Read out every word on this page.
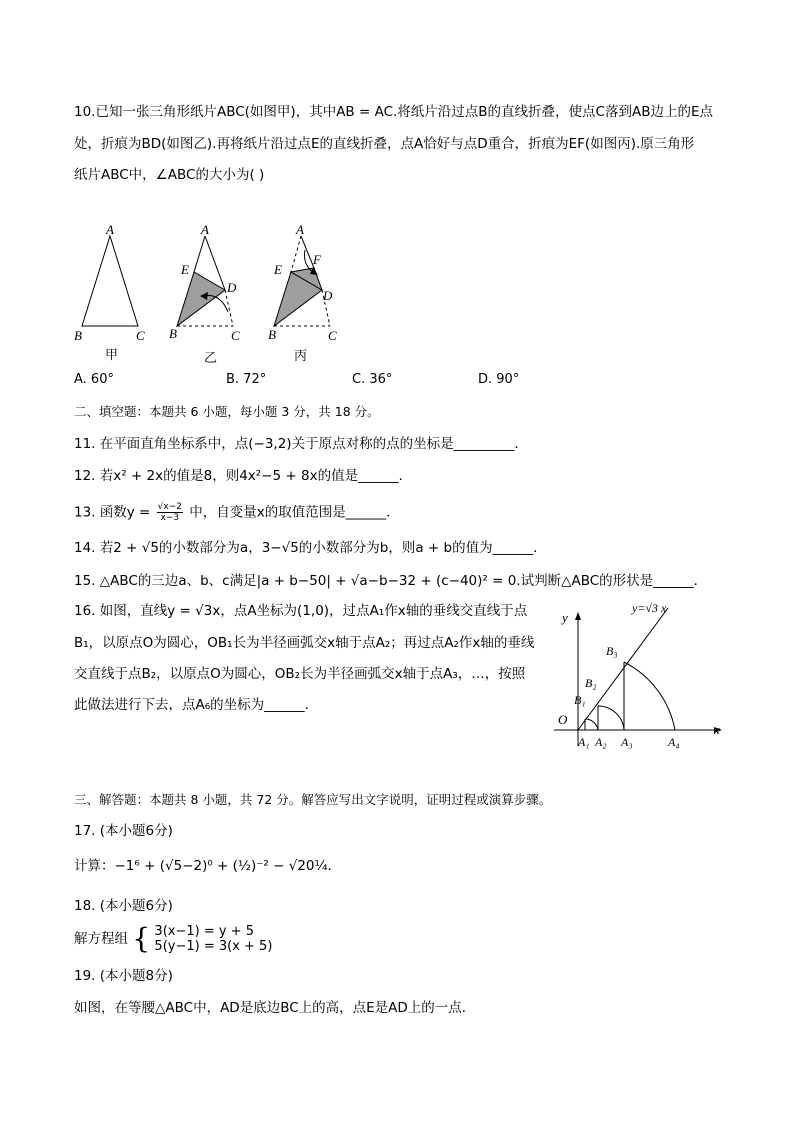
10.已知一张三角形纸片ABC(如图甲)，其中AB = AC.将纸片沿过点B的直线折叠，使点C落到AB边上的E点
处，折痕为BD(如图乙).再将纸片沿过点E的直线折叠，点A恰好与点D重合，折痕为EF(如图丙).原三角形
纸片ABC中，∠ABC的大小为( )
A
B	C
A
E
D
B	C
A
F
E
D
B	C
甲	乙	丙
A. 60°	B. 72°	C. 36°	D. 90°
二、填空题：本题共 6 小题，每小题 3 分，共 18 分。
11. 在平面直角坐标系中，点(−3,2)关于原点对称的点的坐标是_________．
12. 若x² + 2x的值是8，则4x²−5 + 8x的值是______．
13. 函数$y = \frac{√x-2}{x-3}$ 中，自变量x的取值范围是______．
14. 若2 + √5的小数部分为a，3−√5的小数部分为b，则a + b的值为______．
15. △ABC的三边a、b、c满足|a + b−50| + √a−b−32 + (c−40)² = 0.试判断△ABC的形状是______．
16. 如图，直线y = √3x，点A坐标为(1,0)，过点A₁作x轴的垂线交直线于点
B₁，以原点O为圆心，OB₁长为半径画弧交x轴于点A₂；再过点A₂作x轴的垂线
交直线于点B₂，以原点O为圆心，OB₂长为半径画弧交x轴于点A₃，…，按照
此做法进行下去，点A₆的坐标为______．
y
x
O
y=√3 x
A₁ A₂ A₃	A₄
B₁
B₂
B₃
三、解答题：本题共 8 小题，共 72 分。解答应写出文字说明，证明过程或演算步骤。
17. (本小题6分)
计算：−1⁶ + (√5−2)⁰ + (½)⁻² − √20¼．
18. (本小题6分)
解方程组 { 3(x−1) = y + 5
5(y−1) = 3(x + 5)
19. (本小题8分)
如图，在等腰△ABC中，AD是底边BC上的高，点E是AD上的一点．
